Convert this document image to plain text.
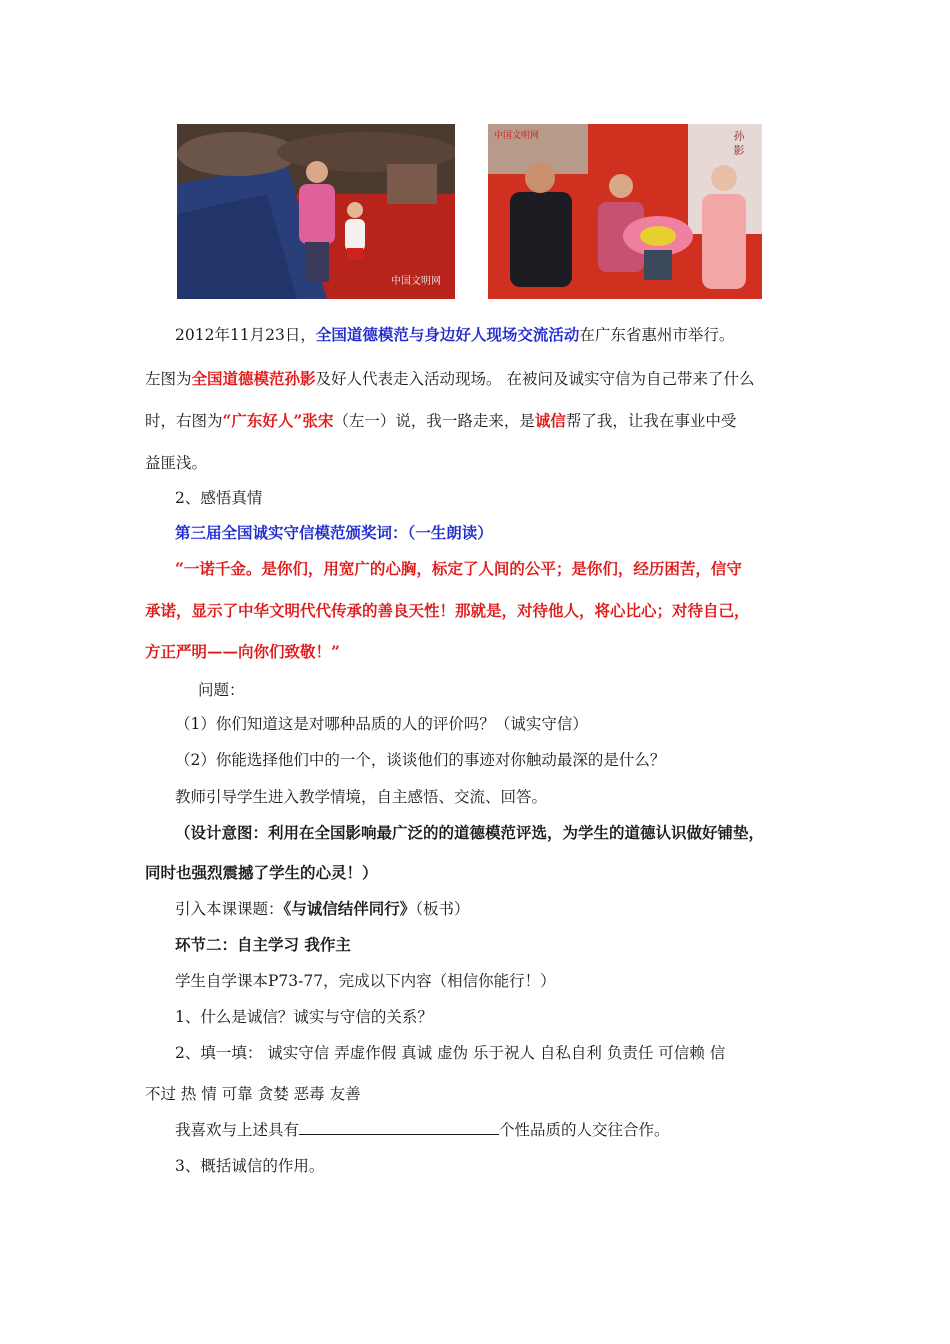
中国文明网
中国文明网	孙 影
2012年11月23日，全国道德模范与身边好人现场交流活动在广东省惠州市举行。
左图为全国道德模范孙影及好人代表走入活动现场。 在被问及诚实守信为自己带来了什么
时，右图为“广东好人”张宋（左一）说，我一路走来，是诚信帮了我，让我在事业中受
益匪浅。
2、感悟真情
第三届全国诚实守信模范颁奖词：（一生朗读）
“一诺千金。是你们，用宽广的心胸，标定了人间的公平；是你们，经历困苦，信守
承诺，显示了中华文明代代传承的善良天性！那就是，对待他人，将心比心；对待自己，
方正严明——向你们致敬！”
问题：
（1）你们知道这是对哪种品质的人的评价吗？（诚实守信）
（2）你能选择他们中的一个，谈谈他们的事迹对你触动最深的是什么？
教师引导学生进入教学情境，自主感悟、交流、回答。
（设计意图：利用在全国影响最广泛的的道德模范评选，为学生的道德认识做好铺垫，
同时也强烈震撼了学生的心灵！）
引入本课课题：《与诚信结伴同行》（板书）
环节二：自主学习 我作主
学生自学课本P73-77，完成以下内容（相信你能行！）
1、什么是诚信？诚实与守信的关系？
2、填一填： 诚实守信 弄虚作假 真诚 虚伪 乐于祝人 自私自利 负责任 可信赖 信
不过 热 情 可靠 贪婪 恶毒 友善
我喜欢与上述具有	个性品质的人交往合作。
3、概括诚信的作用。
